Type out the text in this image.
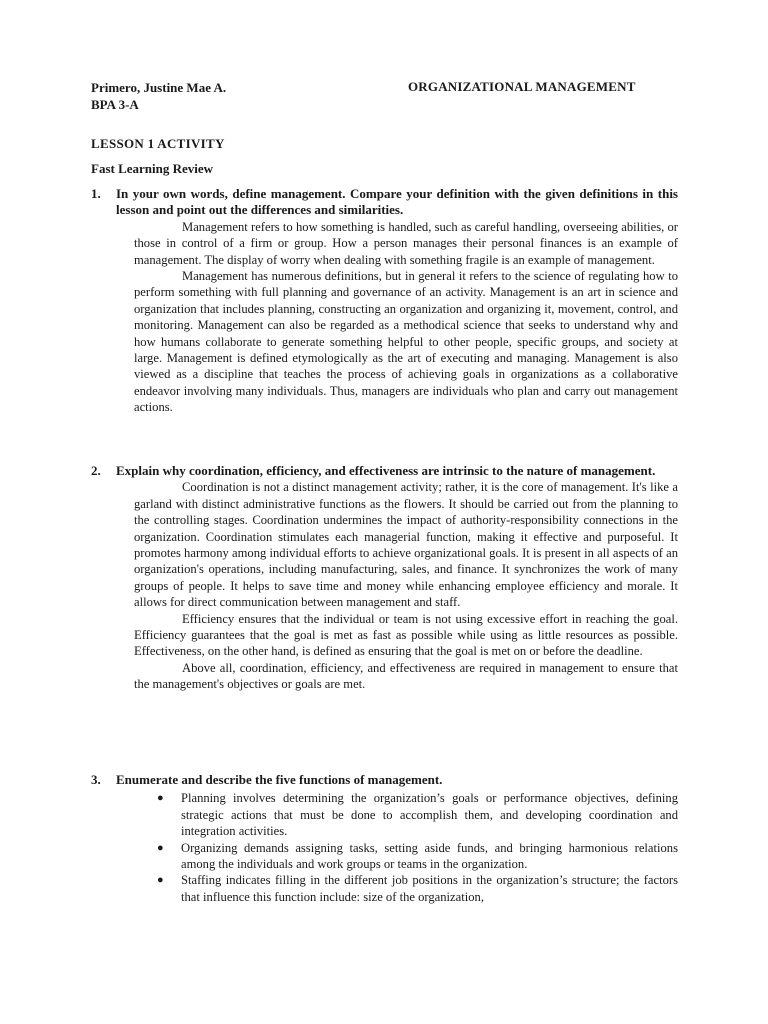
Primero, Justine Mae A.
BPA 3-A
ORGANIZATIONAL MANAGEMENT
LESSON 1 ACTIVITY
Fast Learning Review
1. In your own words, define management. Compare your definition with the given definitions in this lesson and point out the differences and similarities.

Management refers to how something is handled, such as careful handling, overseeing abilities, or those in control of a firm or group. How a person manages their personal finances is an example of management. The display of worry when dealing with something fragile is an example of management.

Management has numerous definitions, but in general it refers to the science of regulating how to perform something with full planning and governance of an activity. Management is an art in science and organization that includes planning, constructing an organization and organizing it, movement, control, and monitoring. Management can also be regarded as a methodical science that seeks to understand why and how humans collaborate to generate something helpful to other people, specific groups, and society at large. Management is defined etymologically as the art of executing and managing. Management is also viewed as a discipline that teaches the process of achieving goals in organizations as a collaborative endeavor involving many individuals. Thus, managers are individuals who plan and carry out management actions.

2. Explain why coordination, efficiency, and effectiveness are intrinsic to the nature of management.

Coordination is not a distinct management activity; rather, it is the core of management. It's like a garland with distinct administrative functions as the flowers. It should be carried out from the planning to the controlling stages. Coordination undermines the impact of authority-responsibility connections in the organization. Coordination stimulates each managerial function, making it effective and purposeful. It promotes harmony among individual efforts to achieve organizational goals. It is present in all aspects of an organization's operations, including manufacturing, sales, and finance. It synchronizes the work of many groups of people. It helps to save time and money while enhancing employee efficiency and morale. It allows for direct communication between management and staff.

Efficiency ensures that the individual or team is not using excessive effort in reaching the goal. Efficiency guarantees that the goal is met as fast as possible while using as little resources as possible. Effectiveness, on the other hand, is defined as ensuring that the goal is met on or before the deadline.

Above all, coordination, efficiency, and effectiveness are required in management to ensure that the management's objectives or goals are met.

3. Enumerate and describe the five functions of management.
● Planning involves determining the organization’s goals or performance objectives, defining strategic actions that must be done to accomplish them, and developing coordination and integration activities.
● Organizing demands assigning tasks, setting aside funds, and bringing harmonious relations among the individuals and work groups or teams in the organization.
● Staffing indicates filling in the different job positions in the organization’s structure; the factors that influence this function include: size of the organization,
